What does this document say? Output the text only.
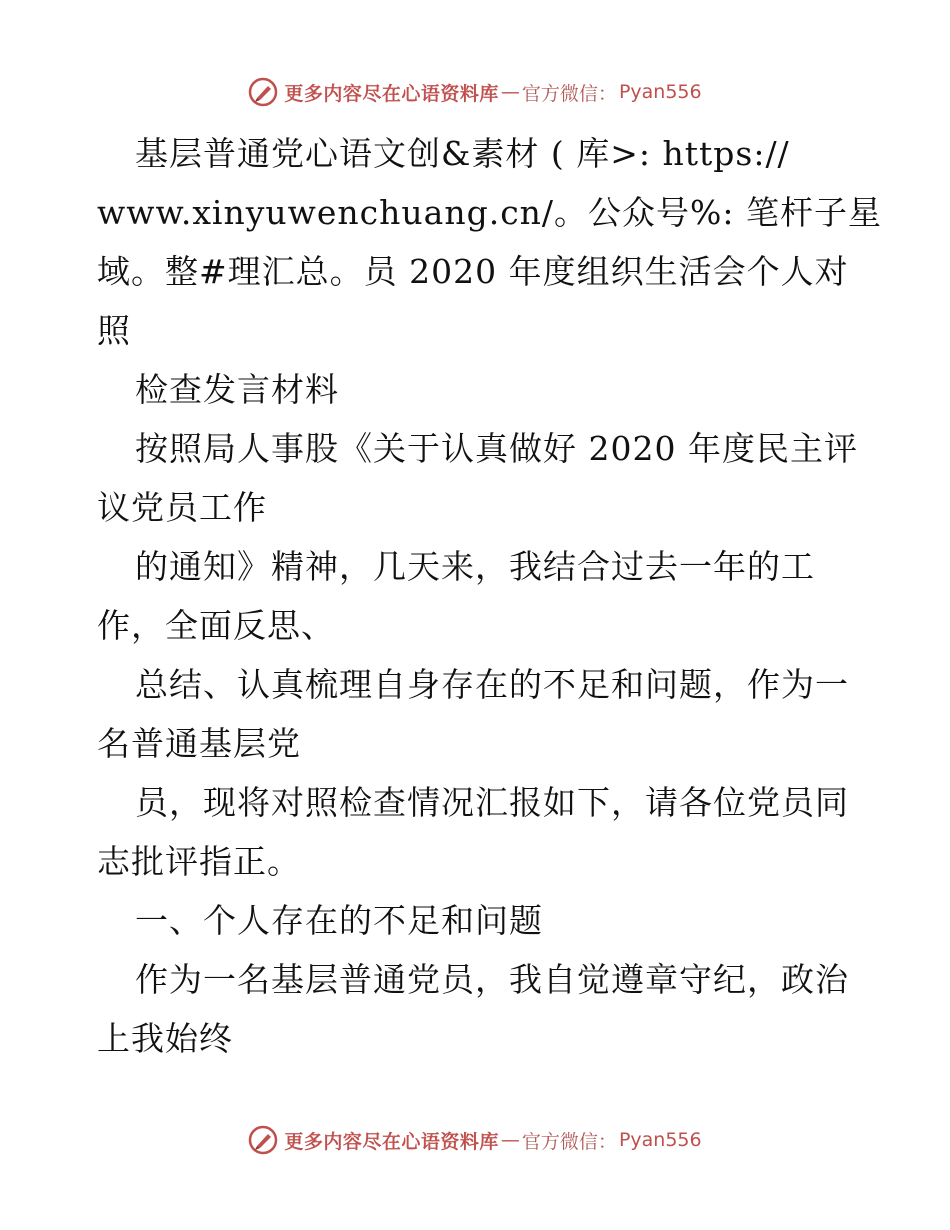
更多内容尽在心语资料库 — 官方微信： Pyan556
基层普通党心语文创&素材 ( 库>: https://
www.xinyuwenchuang.cn/。公众号%: 笔杆子星
域。整#理汇总。员 2020 年度组织生活会个人对
照
检查发言材料
按照局人事股《关于认真做好 2020 年度民主评
议党员工作
的通知》精神，几天来，我结合过去一年的工
作，全面反思、
总结、认真梳理自身存在的不足和问题，作为一
名普通基层党
员，现将对照检查情况汇报如下，请各位党员同
志批评指正。
一、个人存在的不足和问题
作为一名基层普通党员，我自觉遵章守纪，政治
上我始终
更多内容尽在心语资料库 — 官方微信： Pyan556
